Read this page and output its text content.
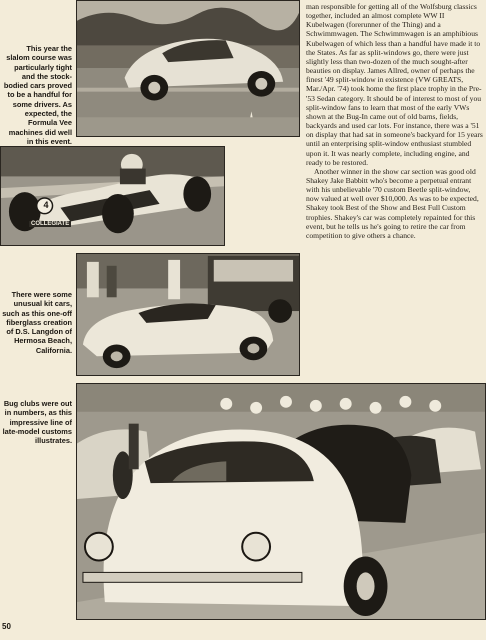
This year the slalom course was particularly tight and the stock-bodied cars proved to be a handful for some drivers. As expected, the Formula Vee machines did well in this event.
4
COLLEGIATE
There were some unusual kit cars, such as this one-off fiberglass creation of D.S. Langdon of Hermosa Beach, California.
Bug clubs were out in numbers, as this impressive line of late-model customs illustrates.

man responsible for getting all of the Wolfsburg classics together, included an almost complete WW II Kubelwagen (forerunner of the Thing) and a Schwimmwagen. The Schwimmwagen is an amphibious Kubelwagen of which less than a handful have made it to the States. As far as split-windows go, there were just slightly less than two-dozen of the much sought-after beauties on display. James Allred, owner of perhaps the finest '49 split-window in existence (VW GREATS, Mar./Apr. '74) took home the first place trophy in the Pre-'53 Sedan category. It should be of interest to most of you split-window fans to learn that most of the early VWs shown at the Bug-In came out of old barns, fields, backyards and used car lots. For instance, there was a '51 on display that had sat in someone's backyard for 15 years until an enterprising split-window enthusiast stumbled upon it. It was nearly complete, including engine, and ready to be restored.

Another winner in the show car section was good old Shakey Jake Babbitt who's become a perpetual entrant with his unbelievable '70 custom Beetle split-window, now valued at well over $10,000. As was to be expected, Shakey took Best of the Show and Best Full Custom trophies. Shakey's car was completely repainted for this event, but he tells us he's going to retire the car from competition to give others a chance.

50
